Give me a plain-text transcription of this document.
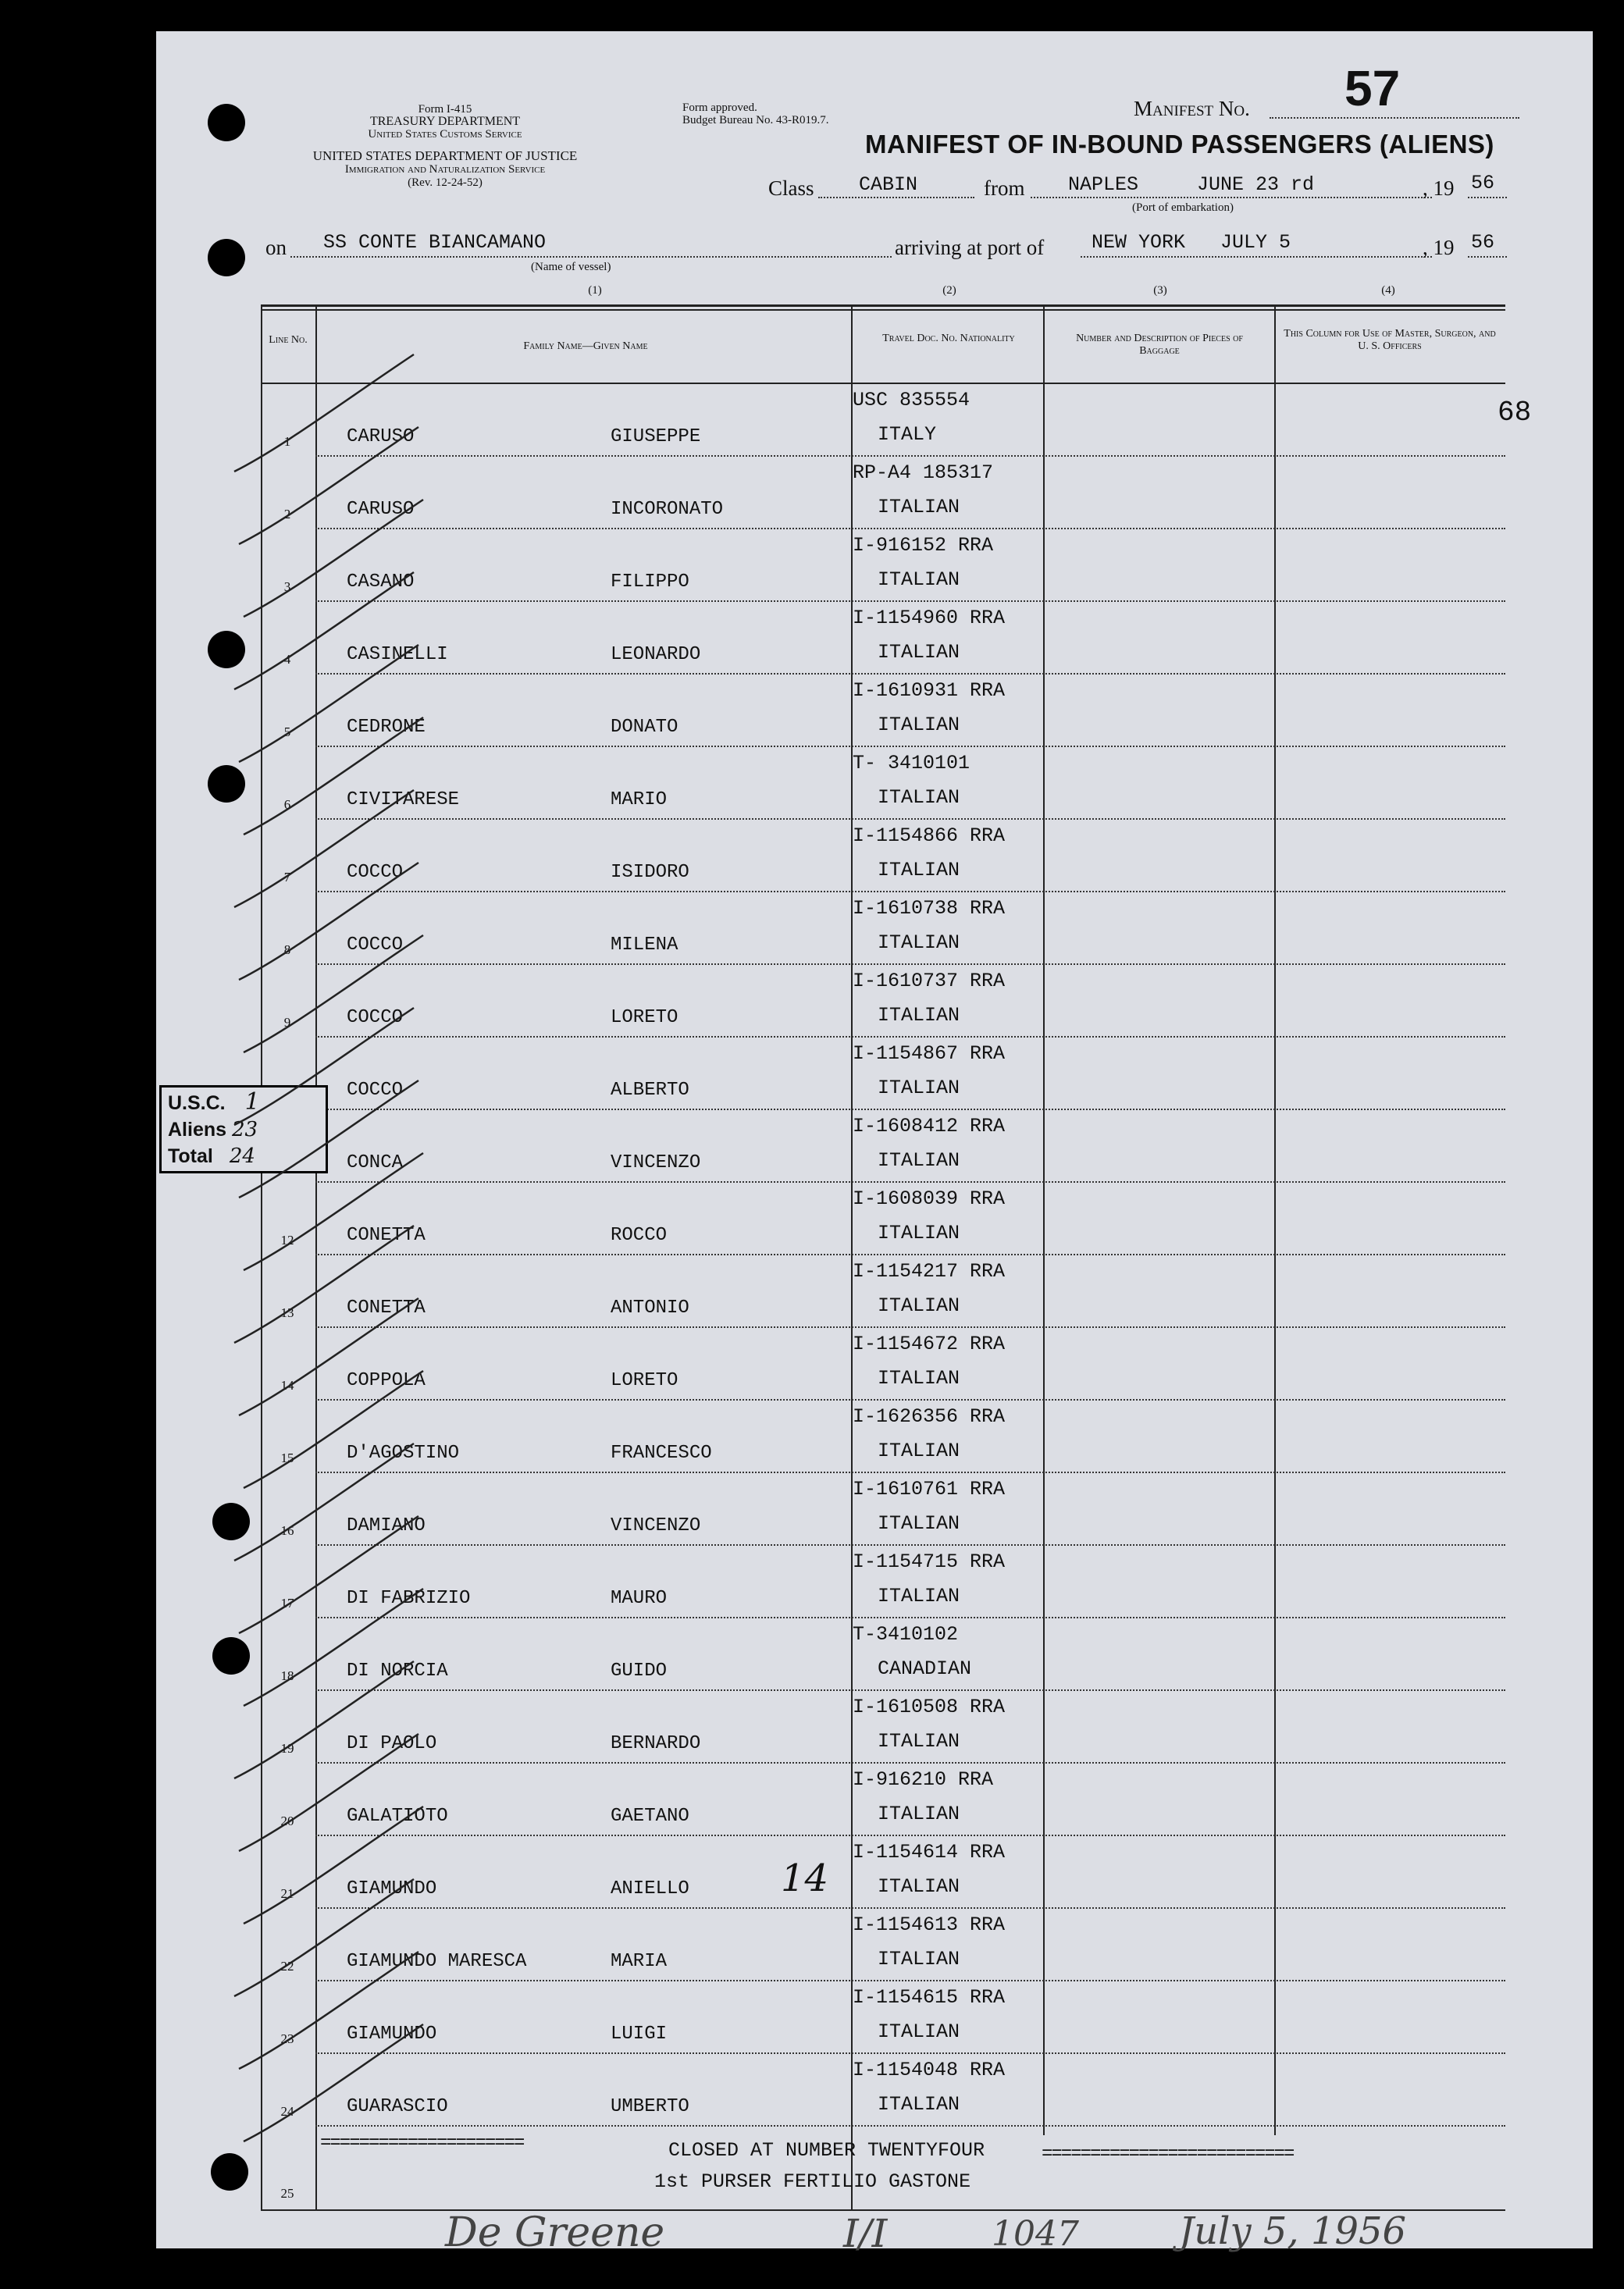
Form I-415
TREASURY DEPARTMENT
United States Customs Service
UNITED STATES DEPARTMENT OF JUSTICE
Immigration and Naturalization Service
(Rev. 12-24-52)
Form approved.
Budget Bureau No. 43-R019.7.	Manifest No. 57
MANIFEST OF IN-BOUND PASSENGERS (ALIENS)
Class CABIN	from NAPLES     JUNE 23 rd	, 19 56
(Port of embarkation)
on SS CONTE BIANCAMANO
(Name of vessel)
arriving at port of NEW YORK   JULY 5	, 19 56
(1)	(2)	(3)	(4)
Line No.
Family Name—Given Name
Travel Doc. No. Nationality	Number and Description of Pieces of Baggage
This Column for Use of Master, Surgeon, and U. S. Officers
1	CARUSO	GIUSEPPE
USC 835554
ITALY
2	CARUSO	INCORONATO
RP-A4 185317
ITALIAN
3	CASANO	FILIPPO
I-916152 RRA
ITALIAN
4	CASINELLI	LEONARDO
I-1154960 RRA
ITALIAN
5	CEDRONE	DONATO
I-1610931 RRA
ITALIAN
6	CIVITARESE	MARIO
T- 3410101
ITALIAN
7	COCCO	ISIDORO
I-1154866 RRA
ITALIAN
8	COCCO	MILENA
I-1610738 RRA
ITALIAN
9	COCCO	LORETO
I-1610737 RRA
ITALIAN
COCCO	ALBERTO
I-1154867 RRA
ITALIAN
CONCA	VINCENZO
I-1608412 RRA
ITALIAN
12	CONETTA	ROCCO
I-1608039 RRA
ITALIAN
13	CONETTA	ANTONIO
I-1154217 RRA
ITALIAN
14	COPPOLA	LORETO
I-1154672 RRA
ITALIAN
15	D'AGOSTINO	FRANCESCO
I-1626356 RRA
ITALIAN
16	DAMIANO	VINCENZO
I-1610761 RRA
ITALIAN
17	DI FABRIZIO	MAURO
I-1154715 RRA
ITALIAN
18	DI NORCIA	GUIDO
T-3410102
CANADIAN
19	DI PAOLO	BERNARDO
I-1610508 RRA
ITALIAN
20	GALATIOTO	GAETANO
I-916210 RRA
ITALIAN
21	GIAMUNDO	ANIELLO
I-1154614 RRA
ITALIAN
22	GIAMUNDO MARESCA	MARIA
I-1154613 RRA
ITALIAN
23	GIAMUNDO	LUIGI
I-1154615 RRA
ITALIAN
24	GUARASCIO	UMBERTO
I-1154048 RRA
ITALIAN
25
=====================
==========================
CLOSED AT NUMBER TWENTYFOUR
1st PURSER FERTILIO GASTONE
U.S.C. 1
Aliens 23
Total 24
68
14
De Greene	I/I	1047	July 5, 1956
